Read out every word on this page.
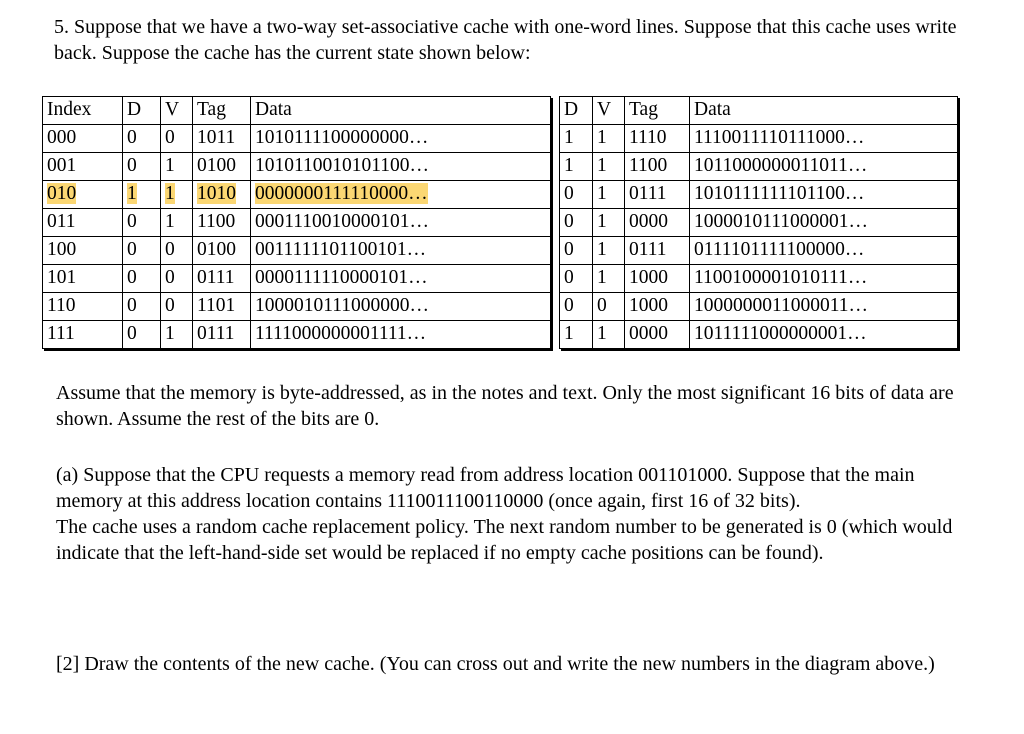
5. Suppose that we have a two-way set-associative cache with one-word lines. Suppose that this cache uses write back. Suppose the cache has the current state shown below:

Index	D	V	Tag	Data
000	0	0	1011	1010111100000000…
001	0	1	0100	1010110010101100…
010	1	1	1010	0000000111110000…
011	0	1	1100	0001110010000101…
100	0	0	0100	0011111101100101…
101	0	0	0111	0000111110000101…
110	0	0	1101	1000010111000000…
111	0	1	0111	1111000000001111…
D	V	Tag	Data
1	1	1110	1110011110111000…
1	1	1100	1011000000011011…
0	1	0111	1010111111101100…
0	1	0000	1000010111000001…
0	1	0111	0111101111100000…
0	1	1000	1100100001010111…
0	0	1000	1000000011000011…
1	1	0000	1011111000000001…

Assume that the memory is byte-addressed, as in the notes and text. Only the most significant 16 bits of data are shown. Assume the rest of the bits are 0.

(a) Suppose that the CPU requests a memory read from address location 001101000. Suppose that the main memory at this address location contains 1110011100110000 (once again, first 16 of 32 bits).
The cache uses a random cache replacement policy. The next random number to be generated is 0 (which would indicate that the left-hand-side set would be replaced if no empty cache positions can be found).

[2] Draw the contents of the new cache. (You can cross out and write the new numbers in the diagram above.)
